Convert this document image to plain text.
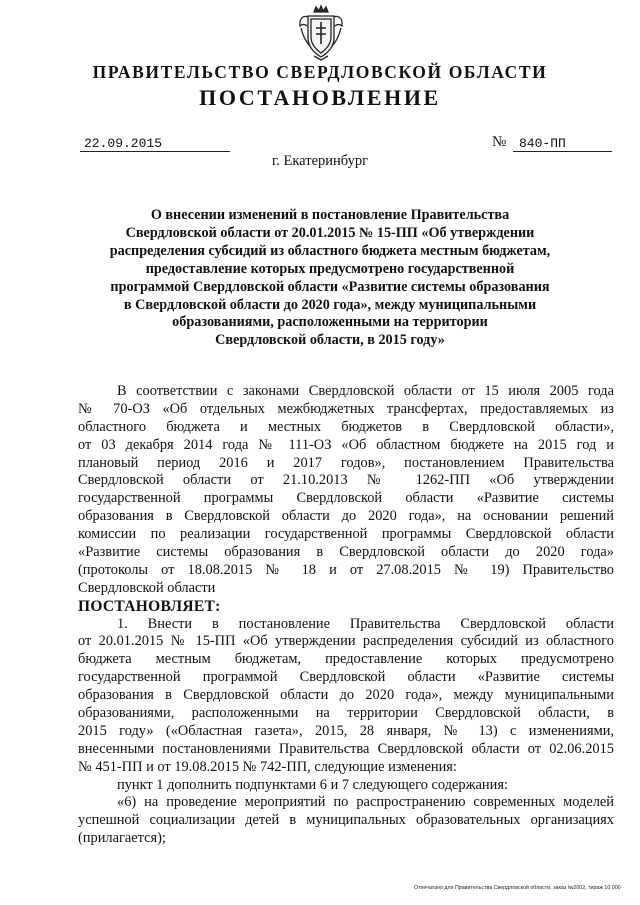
ПРАВИТЕЛЬСТВО СВЕРДЛОВСКОЙ ОБЛАСТИ
ПОСТАНОВЛЕНИЕ
22.09.2015	№ 840-ПП
г. Екатеринбург
О внесении изменений в постановление Правительства
Свердловской области от 20.01.2015 № 15-ПП «Об утверждении
распределения субсидий из областного бюджета местным бюджетам,
предоставление которых предусмотрено государственной
программой Свердловской области «Развитие системы образования
в Свердловской области до 2020 года», между муниципальными
образованиями, расположенными на территории
Свердловской области, в 2015 году»
В соответствии с законами Свердловской области от 15 июля 2005 года
№ 70-ОЗ «Об отдельных межбюджетных трансфертах, предоставляемых из
областного бюджета и местных бюджетов в Свердловской области»,
от 03 декабря 2014 года № 111-ОЗ «Об областном бюджете на 2015 год и
плановый период 2016 и 2017 годов», постановлением Правительства
Свердловской области от 21.10.2013 № 1262-ПП «Об утверждении
государственной программы Свердловской области «Развитие системы
образования в Свердловской области до 2020 года», на основании решений
комиссии по реализации государственной программы Свердловской области
«Развитие системы образования в Свердловской области до 2020 года»
(протоколы от 18.08.2015 № 18 и от 27.08.2015 № 19) Правительство
Свердловской области
ПОСТАНОВЛЯЕТ:
1. Внести в постановление Правительства Свердловской области
от 20.01.2015 № 15-ПП «Об утверждении распределения субсидий из областного
бюджета местным бюджетам, предоставление которых предусмотрено
государственной программой Свердловской области «Развитие системы
образования в Свердловской области до 2020 года», между муниципальными
образованиями, расположенными на территории Свердловской области, в
2015 году» («Областная газета», 2015, 28 января, № 13) с изменениями,
внесенными постановлениями Правительства Свердловской области от 02.06.2015
№ 451-ПП и от 19.08.2015 № 742-ПП, следующие изменения:
пункт 1 дополнить подпунктами 6 и 7 следующего содержания:
«6) на проведение мероприятий по распространению современных моделей
успешной социализации детей в муниципальных образовательных организациях
(прилагается);
Отпечатано для Правительства Свердловской области, заказ №2002, тираж 10 000
